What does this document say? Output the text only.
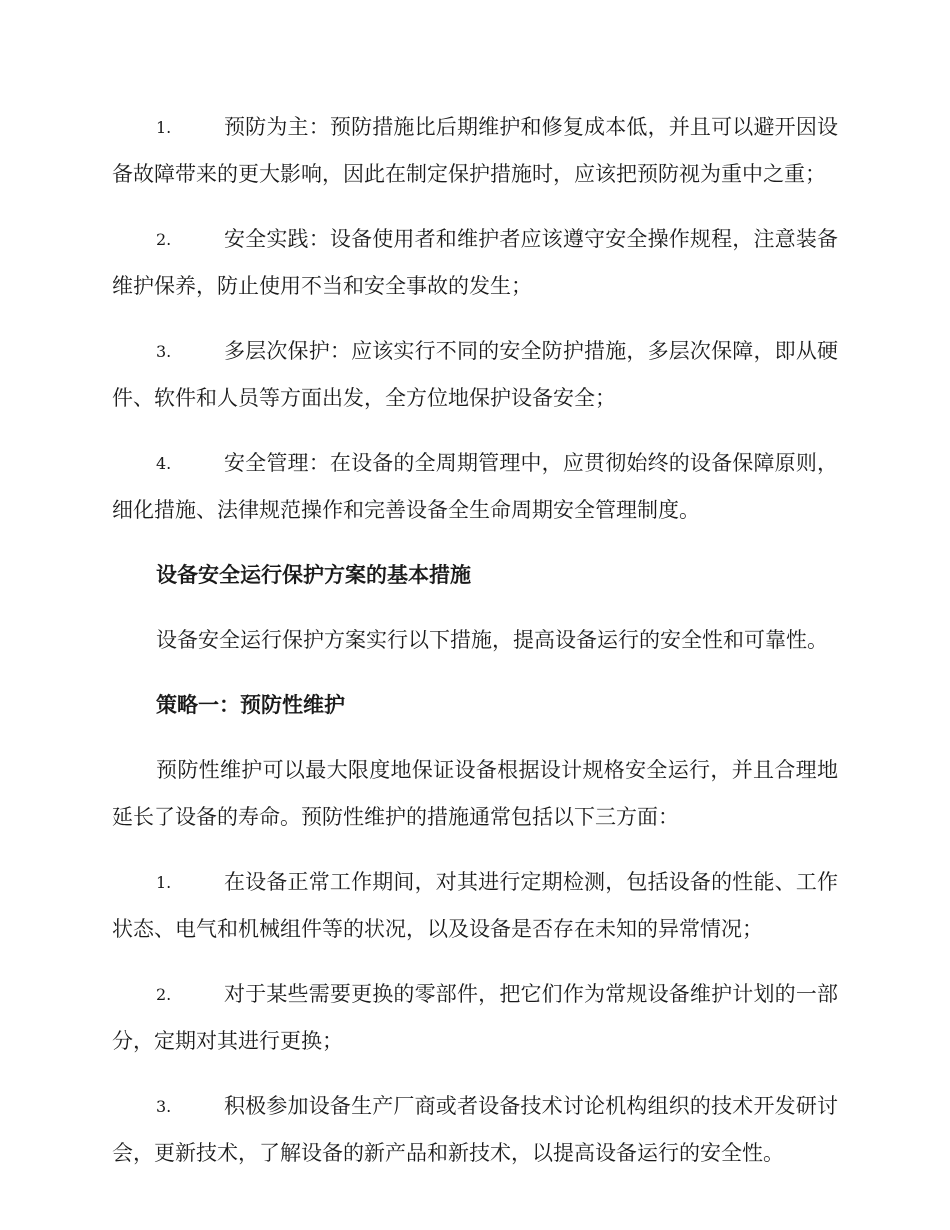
1.	预防为主：预防措施比后期维护和修复成本低，并且可以避开因设备故障带来的更大影响，因此在制定保护措施时，应该把预防视为重中之重；

2.	安全实践：设备使用者和维护者应该遵守安全操作规程，注意装备维护保养，防止使用不当和安全事故的发生；

3.	多层次保护：应该实行不同的安全防护措施，多层次保障，即从硬件、软件和人员等方面出发，全方位地保护设备安全；

4.	安全管理：在设备的全周期管理中，应贯彻始终的设备保障原则，细化措施、法律规范操作和完善设备全生命周期安全管理制度。

设备安全运行保护方案的基本措施

设备安全运行保护方案实行以下措施，提高设备运行的安全性和可靠性。

策略一：预防性维护

预防性维护可以最大限度地保证设备根据设计规格安全运行，并且合理地延长了设备的寿命。预防性维护的措施通常包括以下三方面：

1.	在设备正常工作期间，对其进行定期检测，包括设备的性能、工作状态、电气和机械组件等的状况，以及设备是否存在未知的异常情况；

2.	对于某些需要更换的零部件，把它们作为常规设备维护计划的一部分，定期对其进行更换；

3.	积极参加设备生产厂商或者设备技术讨论机构组织的技术开发研讨会，更新技术，了解设备的新产品和新技术，以提高设备运行的安全性。
